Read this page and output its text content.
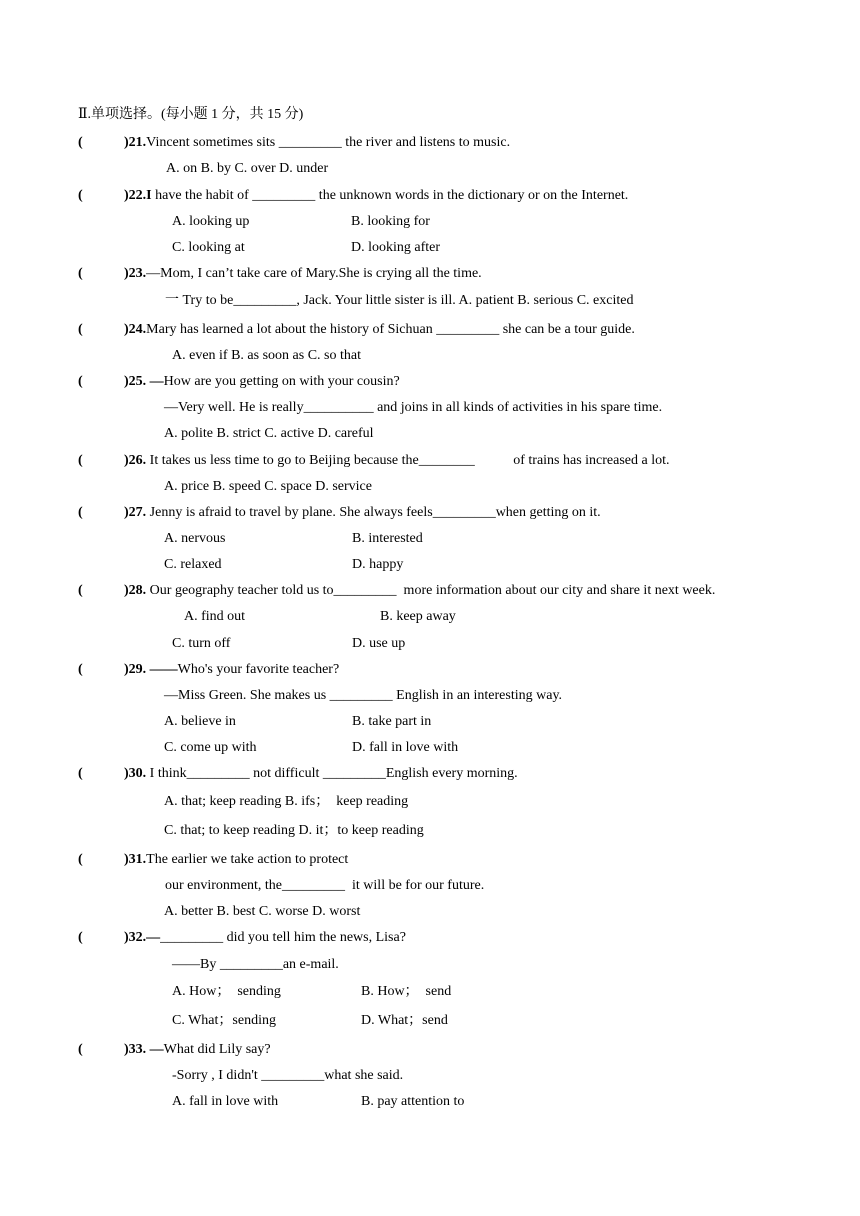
Ⅱ.单项选择。(每小题 1 分，共 15 分)
(	)21.Vincent sometimes sits _________ the river and listens to music.
A. on B. by C. over D. under
(	)22.I have the habit of _________ the unknown words in the dictionary or on the Internet.
A. looking up	B. looking for
C. looking at	D. looking after
(	)23.—Mom, I can’t take care of Mary.She is crying all the time.
一 Try to be_________, Jack. Your little sister is ill. A. patient B. serious C. excited
(	)24.Mary has learned a lot about the history of Sichuan _________ she can be a tour guide.
A. even if B. as soon as C. so that
(	)25. —How are you getting on with your cousin?
—Very well. He is really__________ and joins in all kinds of activities in his spare time.
A. polite B. strict C. active D. careful
(	)26. It takes us less time to go to Beijing because the________           of trains has increased a lot.
A. price B. speed C. space D. service
(	)27. Jenny is afraid to travel by plane. She always feels_________when getting on it.
A. nervous	B. interested
C. relaxed	D. happy
(	)28. Our geography teacher told us to_________  more information about our city and share it next week.
A. find out	B. keep away
C. turn off	D. use up
(	)29. ——Who's your favorite teacher?
—Miss Green. She makes us _________ English in an interesting way.
A. believe in	B. take part in
C. come up with	D. fall in love with
(	)30. I think_________ not difficult _________English every morning.
A. that; keep reading B. ifs；  keep reading
C. that; to keep reading D. it；to keep reading
(	)31.The earlier we take action to protect
our environment, the_________  it will be for our future.
A. better B. best C. worse D. worst
(	)32.—_________ did you tell him the news, Lisa?
——By _________an e-mail.
A. How；  sending	B. How；  send
C. What；sending	D. What；send
(	)33. —What did Lily say?
-Sorry , I didn't _________what she said.
A. fall in love with	B. pay attention to
